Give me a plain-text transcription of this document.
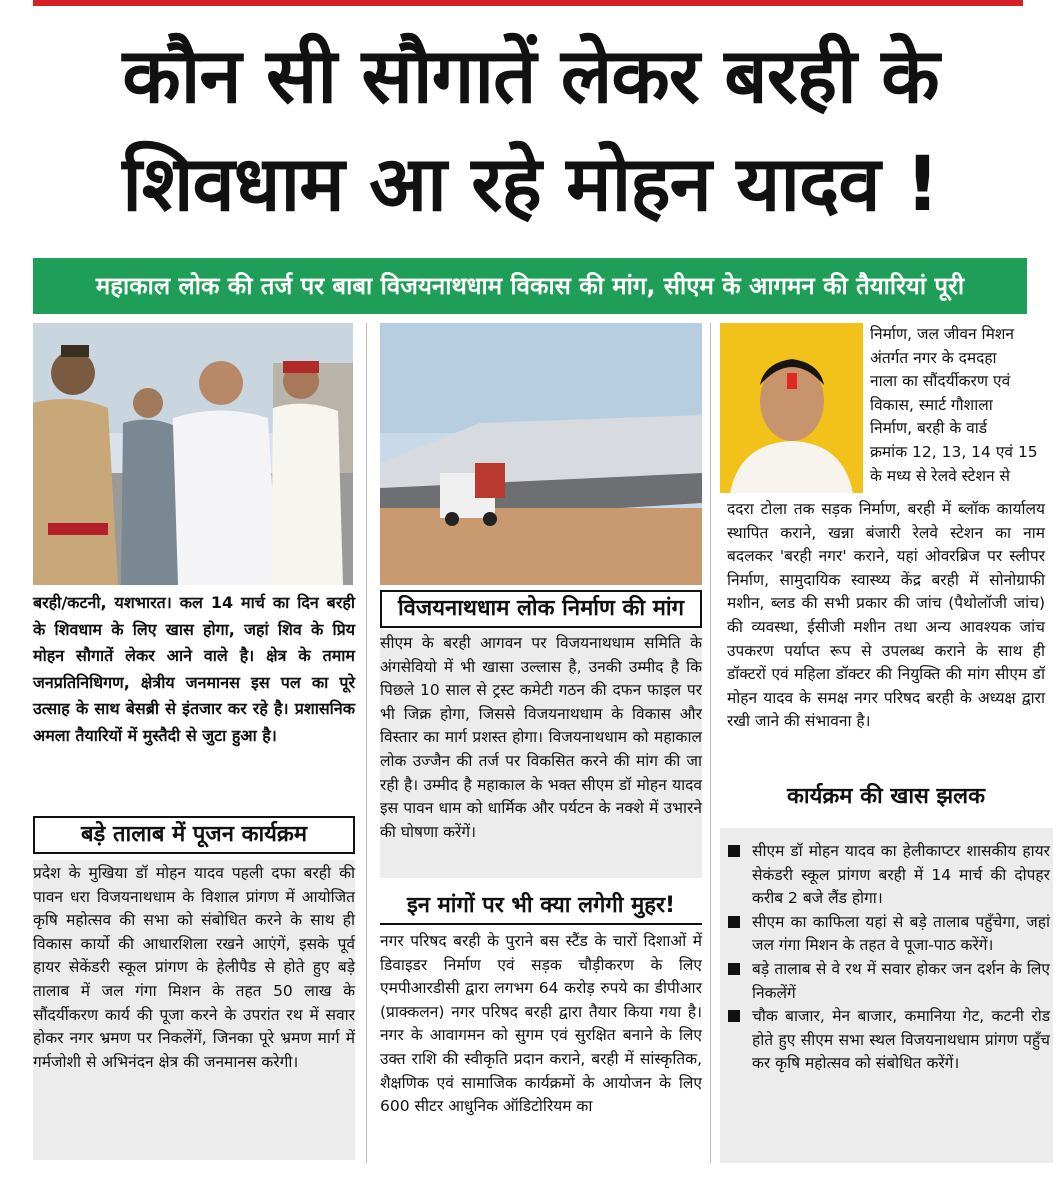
कौन सी सौगातें लेकर बरही के
शिवधाम आ रहे मोहन यादव !
महाकाल लोक की तर्ज पर बाबा विजयनाथधाम विकास की मांग, सीएम के आगमन की तैयारियां पूरी

बरही/कटनी, यशभारत। कल 14 मार्च का दिन बरही के शिवधाम के लिए खास होगा, जहां शिव के प्रिय मोहन सौगातें लेकर आने वाले है। क्षेत्र के तमाम जनप्रतिनिधिगण, क्षेत्रीय जनमानस इस पल का पूरे उत्साह के साथ बेसब्री से इंतजार कर रहे है। प्रशासनिक अमला तैयारियों में मुस्तैदी से जुटा हुआ है।

बड़े तालाब में पूजन कार्यक्रम

प्रदेश के मुखिया डॉ मोहन यादव पहली दफा बरही की पावन धरा विजयनाथधाम के विशाल प्रांगण में आयोजित कृषि महोत्सव की सभा को संबोधित करने के साथ ही विकास कार्यो की आधारशिला रखने आएंगें, इसके पूर्व हायर सेकेंडरी स्कूल प्रांगण के हेलीपैड से होते हुए बड़े तालाब में जल गंगा मिशन के तहत 50 लाख के सौंदर्यीकरण कार्य की पूजा करने के उपरांत रथ में सवार होकर नगर भ्रमण पर निकलेंगें, जिनका पूरे भ्रमण मार्ग में गर्मजोशी से अभिनंदन क्षेत्र की जनमानस करेगी।

विजयनाथधाम लोक निर्माण की मांग

सीएम के बरही आगवन पर विजयनाथधाम समिति के अंगसेवियो में भी खासा उल्लास है, उनकी उम्मीद है कि पिछले 10 साल से ट्रस्ट कमेटी गठन की दफन फाइल पर भी जिक्र होगा, जिससे विजयनाथधाम के विकास और विस्तार का मार्ग प्रशस्त होगा। विजयनाथधाम को महाकाल लोक उज्जैन की तर्ज पर विकसित करने की मांग की जा रही है। उम्मीद है महाकाल के भक्त सीएम डॉ मोहन यादव इस पावन धाम को धार्मिक और पर्यटन के नक्शे में उभारने की घोषणा करेंगें।

इन मांगों पर भी क्या लगेगी मुहर!

नगर परिषद बरही के पुराने बस स्टैंड के चारों दिशाओं में डिवाइडर निर्माण एवं सड़क चौड़ीकरण के लिए एमपीआरडीसी द्वारा लगभग 64 करोड़ रुपये का डीपीआर (प्राक्कलन) नगर परिषद बरही द्वारा तैयार किया गया है। नगर के आवागमन को सुगम एवं सुरक्षित बनाने के लिए उक्त राशि की स्वीकृति प्रदान कराने, बरही में सांस्कृतिक, शैक्षणिक एवं सामाजिक कार्यक्रमों के आयोजन के लिए 600 सीटर आधुनिक ऑडिटोरियम का

निर्माण, जल जीवन मिशन
अंतर्गत नगर के दमदहा
नाला का सौंदर्यीकरण एवं
विकास, स्मार्ट गौशाला
निर्माण, बरही के वार्ड
क्रमांक 12, 13, 14 एवं 15
के मध्य से रेलवे स्टेशन से

ददरा टोला तक सड़क निर्माण, बरही में ब्लॉक कार्यालय स्थापित कराने, खन्ना बंजारी रेलवे स्टेशन का नाम बदलकर 'बरही नगर' कराने, यहां ओवरब्रिज पर स्लीपर निर्माण, सामुदायिक स्वास्थ्य केंद्र बरही में सोनोग्राफी मशीन, ब्लड की सभी प्रकार की जांच (पैथोलॉजी जांच) की व्यवस्था, ईसीजी मशीन तथा अन्य आवश्यक जांच उपकरण पर्याप्त रूप से उपलब्ध कराने के साथ ही डॉक्टरों एवं महिला डॉक्टर की नियुक्ति की मांग सीएम डॉ मोहन यादव के समक्ष नगर परिषद बरही के अध्यक्ष द्वारा रखी जाने की संभावना है।

कार्यक्रम की खास झलक

सीएम डॉ मोहन यादव का हेलीकाप्टर शासकीय हायर सेकंडरी स्कूल प्रांगण बरही में 14 मार्च की दोपहर करीब 2 बजे लैंड होगा।

सीएम का काफिला यहां से बड़े तालाब पहुँचेगा, जहां जल गंगा मिशन के तहत वे पूजा-पाठ करेंगें।

बड़े तालाब से वे रथ में सवार होकर जन दर्शन के लिए निकलेंगें

चौक बाजार, मेन बाजार, कमानिया गेट, कटनी रोड होते हुए सीएम सभा स्थल विजयनाथधाम प्रांगण पहुँच कर कृषि महोत्सव को संबोधित करेंगें।
